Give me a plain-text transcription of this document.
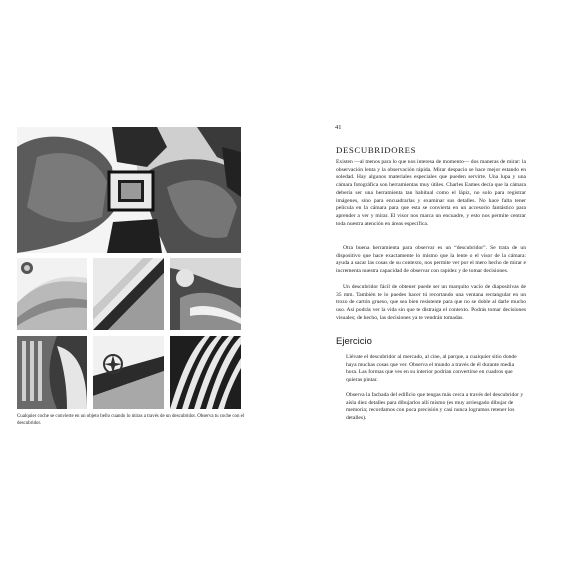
Cualquier coche se convierte en un objeto bello cuando lo miras a través de un descubridor. Observa tu coche con el descubridor.
41
DESCUBRIDORES

Existen —al menos para lo que nos interesa de momento— dos maneras de mirar: la observación lenta y la observación rápida. Mirar despacio se hace mejor estando en soledad. Hay algunos materiales especiales que pueden servirte. Una lupa y una cámara fotográfica son herramientas muy útiles. Charles Eames decía que la cámara debería ser una herramienta tan habitual como el lápiz, no solo para registrar imágenes, sino para encuadrarlas y examinar sus detalles. No hace falta tener película en la cámara para que esta se convierta en un accesorio fantástico para aprender a ver y mirar. El visor nos marca un encuadre, y esto nos permite centrar toda nuestra atención en áreas específica.

Otra buena herramienta para observar es un “descubridor”. Se trata de un dispositivo que hace exactamente lo mismo que la lente o el visor de la cámara: ayuda a sacar las cosas de su contexto, nos permite ver por el mero hecho de mirar e incrementa nuestra capacidad de observar con rapidez y de tomar decisiones.

Un descubridor fácil de obtener puede ser un marquito vacío de diapositivas de 35 mm. También te lo puedes hacer tú recortando una ventana rectangular en un trozo de cartón grueso, que sea bien resistente para que no se doble al darle mucho uso. Así podrás ver la vida sin que te distraiga el contexto. Podrás tomar decisiones visuales; de hecho, las decisiones ya te vendrán tomadas.

Ejercicio

Llévate el descubridor al mercado, al cine, al parque, a cualquier sitio donde haya muchas cosas que ver. Observa el mundo a través de él durante media hora. Las formas que ves en su interior podrían convertirse en cuadros que quieras pintar.

Observa la fachada del edificio que tengas más cerca a través del descubridor y aísla diez detalles para dibujarlos allí mismo (es muy arriesgado dibujar de memoria; recordamos con poca precisión y casi nunca logramos retener los detalles).
